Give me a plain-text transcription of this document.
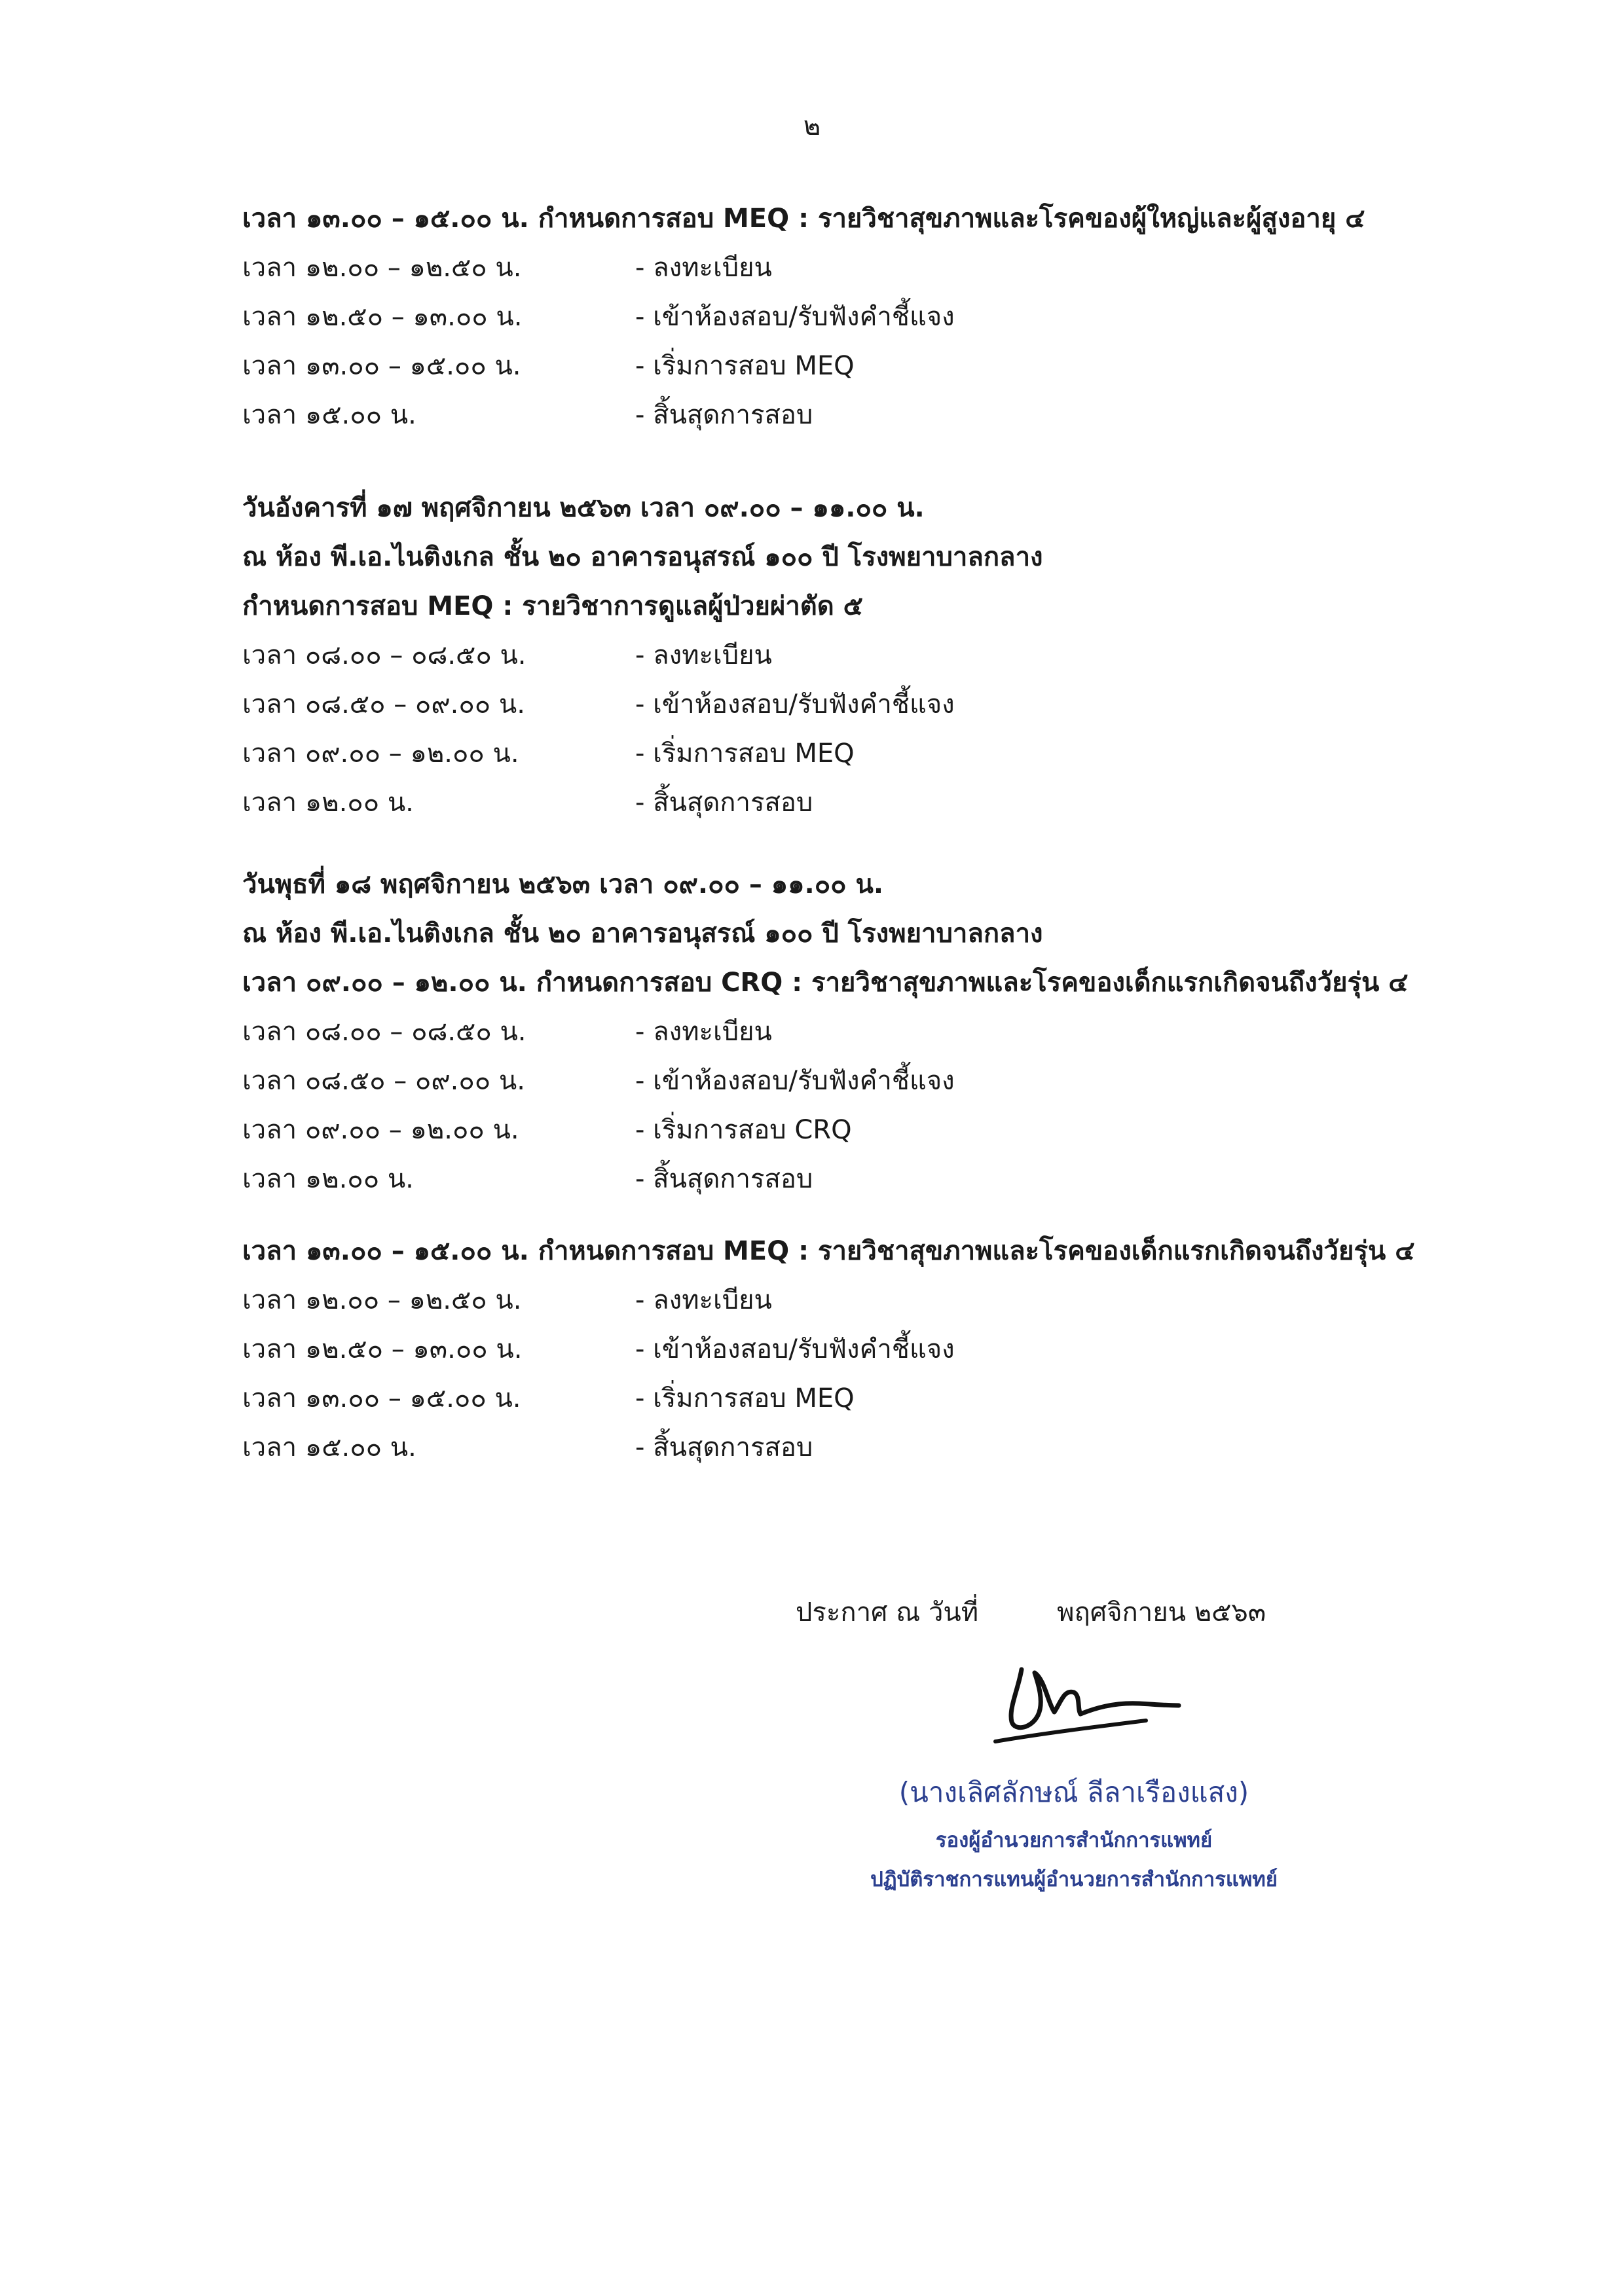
๒
เวลา ๑๓.๐๐ – ๑๕.๐๐ น. กำหนดการสอบ MEQ : รายวิชาสุขภาพและโรคของผู้ใหญ่และผู้สูงอายุ ๔
เวลา ๑๒.๐๐ – ๑๒.๕๐ น.	- ลงทะเบียน
เวลา ๑๒.๕๐ – ๑๓.๐๐ น.	- เข้าห้องสอบ/รับฟังคำชี้แจง
เวลา ๑๓.๐๐ – ๑๕.๐๐ น.	- เริ่มการสอบ MEQ
เวลา ๑๕.๐๐ น.	- สิ้นสุดการสอบ
วันอังคารที่ ๑๗ พฤศจิกายน ๒๕๖๓ เวลา ๐๙.๐๐ – ๑๑.๐๐ น.
ณ ห้อง พี.เอ.ไนติงเกล ชั้น ๒๐ อาคารอนุสรณ์ ๑๐๐ ปี โรงพยาบาลกลาง
กำหนดการสอบ MEQ : รายวิชาการดูแลผู้ป่วยผ่าตัด ๕
เวลา ๐๘.๐๐ – ๐๘.๕๐ น.	- ลงทะเบียน
เวลา ๐๘.๕๐ – ๐๙.๐๐ น.	- เข้าห้องสอบ/รับฟังคำชี้แจง
เวลา ๐๙.๐๐ – ๑๒.๐๐ น.	- เริ่มการสอบ MEQ
เวลา ๑๒.๐๐ น.	- สิ้นสุดการสอบ
วันพุธที่ ๑๘ พฤศจิกายน ๒๕๖๓ เวลา ๐๙.๐๐ – ๑๑.๐๐ น.
ณ ห้อง พี.เอ.ไนติงเกล ชั้น ๒๐ อาคารอนุสรณ์ ๑๐๐ ปี โรงพยาบาลกลาง
เวลา ๐๙.๐๐ – ๑๒.๐๐ น. กำหนดการสอบ CRQ : รายวิชาสุขภาพและโรคของเด็กแรกเกิดจนถึงวัยรุ่น ๔
เวลา ๐๘.๐๐ – ๐๘.๕๐ น.	- ลงทะเบียน
เวลา ๐๘.๕๐ – ๐๙.๐๐ น.	- เข้าห้องสอบ/รับฟังคำชี้แจง
เวลา ๐๙.๐๐ – ๑๒.๐๐ น.	- เริ่มการสอบ CRQ
เวลา ๑๒.๐๐ น.	- สิ้นสุดการสอบ
เวลา ๑๓.๐๐ – ๑๕.๐๐ น. กำหนดการสอบ MEQ : รายวิชาสุขภาพและโรคของเด็กแรกเกิดจนถึงวัยรุ่น ๔
เวลา ๑๒.๐๐ – ๑๒.๕๐ น.	- ลงทะเบียน
เวลา ๑๒.๕๐ – ๑๓.๐๐ น.	- เข้าห้องสอบ/รับฟังคำชี้แจง
เวลา ๑๓.๐๐ – ๑๕.๐๐ น.	- เริ่มการสอบ MEQ
เวลา ๑๕.๐๐ น.	- สิ้นสุดการสอบ
ประกาศ ณ วันที่	พฤศจิกายน ๒๕๖๓
(นางเลิศลักษณ์ ลีลาเรืองแสง)
รองผู้อำนวยการสำนักการแพทย์
ปฏิบัติราชการแทนผู้อำนวยการสำนักการแพทย์
